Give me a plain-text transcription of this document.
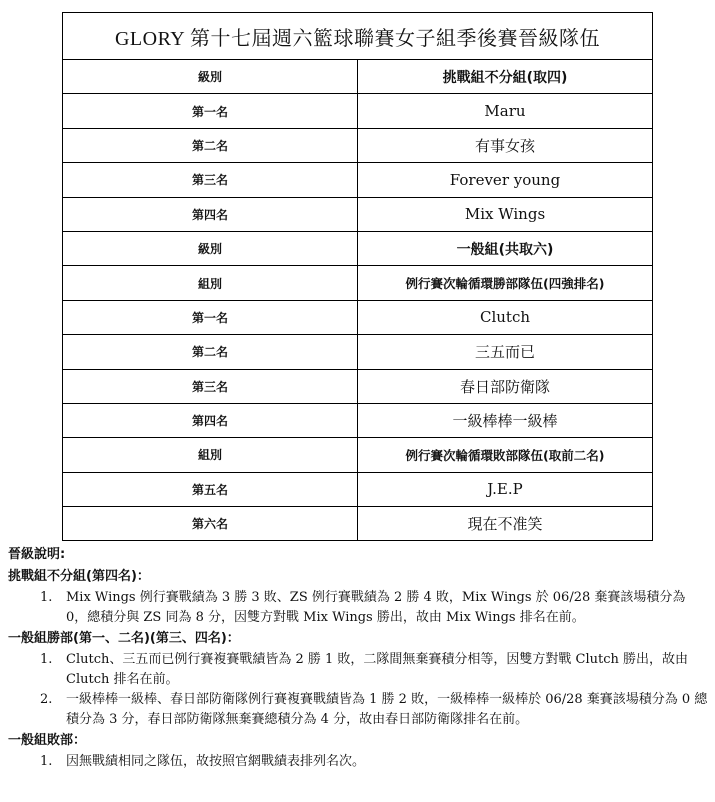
GLORY 第十七屆週六籃球聯賽女子組季後賽晉級隊伍	
級別	挑戰組不分組(取四)
第一名	Maru
第二名	有事女孩
第三名	Forever young
第四名	Mix Wings
級別	一般組(共取六)
組別	例行賽次輪循環勝部隊伍(四強排名)
第一名	Clutch
第二名	三五而已
第三名	春日部防衛隊
第四名	一級棒棒一級棒
組別	例行賽次輪循環敗部隊伍(取前二名)
第五名	J.E.P
第六名	現在不准笑
晉級說明:
挑戰組不分組(第四名)：
1. Mix Wings 例行賽戰績為 3 勝 3 敗、ZS 例行賽戰績為 2 勝 4 敗，Mix Wings 於 06/28 棄賽該場積分為 0，總積分與 ZS 同為 8 分，因雙方對戰 Mix Wings 勝出，故由 Mix Wings 排名在前。
一般組勝部(第一、二名)(第三、四名)：
1. Clutch、三五而已例行賽複賽戰績皆為 2 勝 1 敗，二隊間無棄賽積分相等，因雙方對戰 Clutch 勝出，故由 Clutch 排名在前。
2. 一級棒棒一級棒、春日部防衛隊例行賽複賽戰績皆為 1 勝 2 敗，一級棒棒一級棒於 06/28 棄賽該場積分為 0 總積分為 3 分，春日部防衛隊無棄賽總積分為 4 分，故由春日部防衛隊排名在前。
一般組敗部：
1. 因無戰績相同之隊伍，故按照官網戰績表排列名次。
